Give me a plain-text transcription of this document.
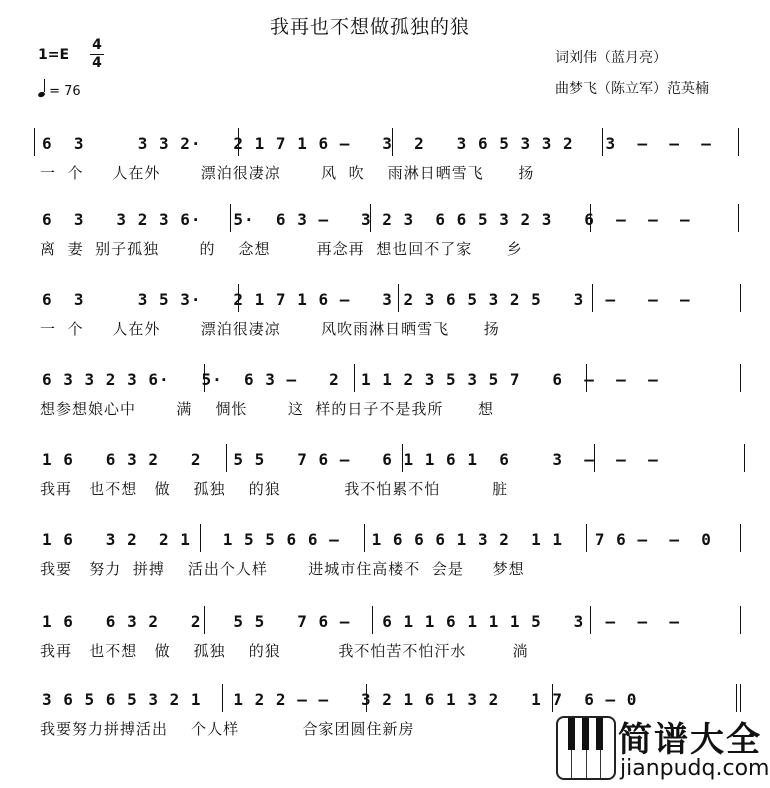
我再也不想做孤独的狼
1=E
4
4
= 76
词刘伟（蓝月亮）
曲梦飞（陈立军）范英楠
6  3     3 3 2·   2 1 7 1 6 –   3  2   3 6 5 3 3 2   3  –  –  –
一  个     人在外       漂泊很凄凉       风  吹    雨淋日晒雪飞      扬
6  3   3 2 3 6·   5·  6 3 –   3 2 3  6 6 5 3 2 3   6  –  –  –
离  妻  别子孤独       的    念想        再念再  想也回不了家      乡
6  3     3 5 3·   2 1 7 1 6 –   3 2 3 6 5 3 2 5   3  –   –  –
一  个     人在外       漂泊很凄凉       风吹雨淋日晒雪飞      扬
6 3 3 2 3 6·   5·  6 3 –   2  1 1 2 3 5 3 5 7   6  –  –  –
想参想娘心中       满    惆怅       这  样的日子不是我所      想
1 6   6 3 2   2   5 5   7 6 –   6 1 1 6 1  6    3  –  –  –
我再   也不想   做    孤独    的狼           我不怕累不怕         脏
1 6   3 2  2 1   1 5 5 6 6 –   1 6 6 6 1 3 2  1 1   7 6 –  –  0
我要   努力  拼搏    活出个人样       进城市住高楼不  会是     梦想
1 6   6 3 2   2   5 5   7 6 –   6 1 1 6 1 1 1 5   3  –  –  –
我再   也不想   做    孤独    的狼          我不怕苦不怕汗水        淌
3 6 5 6 5 3 2 1   1 2 2 – –   3 2 1 6 1 3 2   1 7  6 – 0
我要努力拼搏活出    个人样           合家团圆住新房	简谱大全
jianpudq.com
